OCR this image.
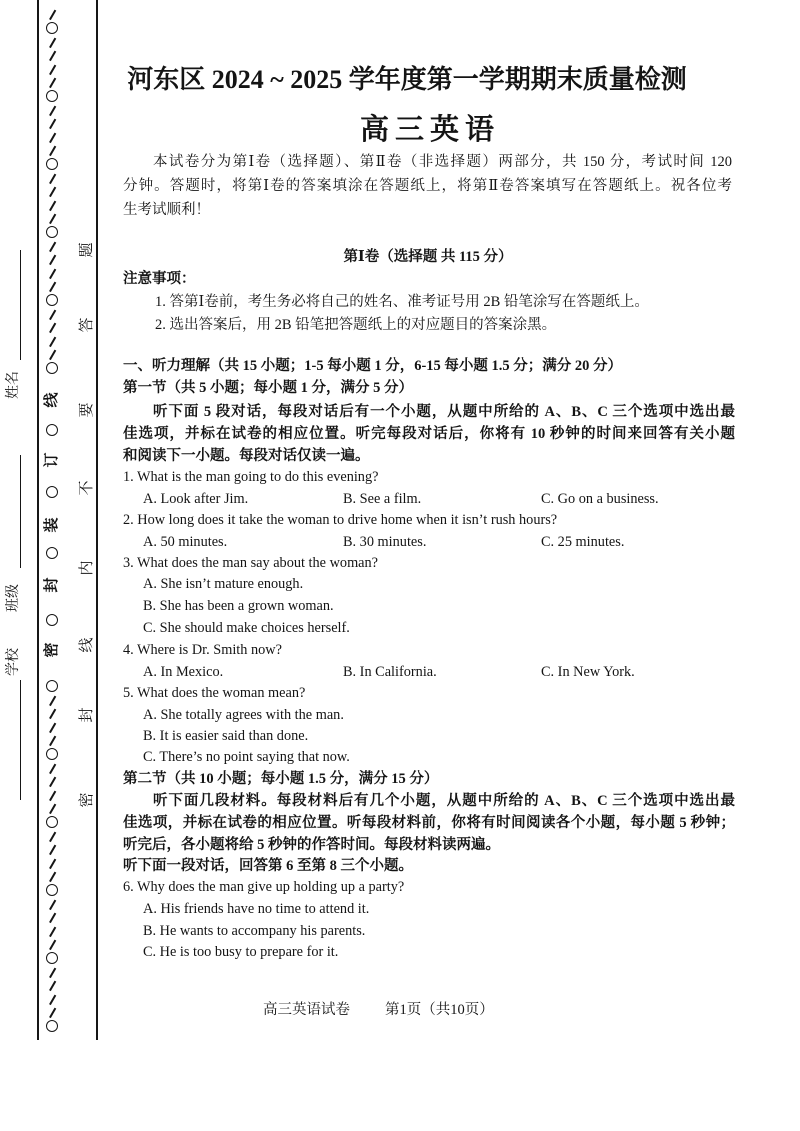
姓名
班级
学校
线
订
装
封
密
密
封
线
内
不
要
答
题
河东区 2024 ~ 2025 学年度第一学期期末质量检测
高三英语
本试卷分为第Ⅰ卷（选择题）、第Ⅱ卷（非选择题）两部分，共 150 分，考试时间 120
分钟。答题时，将第Ⅰ卷的答案填涂在答题纸上，将第Ⅱ卷答案填写在答题纸上。祝各位考
生考试顺利！
第Ⅰ卷（选择题 共 115 分）
注意事项：
1. 答第Ⅰ卷前，考生务必将自己的姓名、准考证号用 2B 铅笔涂写在答题纸上。
2. 选出答案后，用 2B 铅笔把答题纸上的对应题目的答案涂黑。
一、听力理解（共 15 小题；1-5 每小题 1 分，6-15 每小题 1.5 分；满分 20 分）
第一节（共 5 小题；每小题 1 分，满分 5 分）
听下面 5 段对话，每段对话后有一个小题，从题中所给的 A、B、C 三个选项中选出最
佳选项，并标在试卷的相应位置。听完每段对话后，你将有 10 秒钟的时间来回答有关小题
和阅读下一小题。每段对话仅读一遍。
1. What is the man going to do this evening?
A. Look after Jim.	B. See a film.	C. Go on a business.
2. How long does it take the woman to drive home when it isn’t rush hours?
A. 50 minutes.	B. 30 minutes.	C. 25 minutes.
3. What does the man say about the woman?
A. She isn’t mature enough.
B. She has been a grown woman.
C. She should make choices herself.
4. Where is Dr. Smith now?
A. In Mexico.	B. In California.	C. In New York.
5. What does the woman mean?
A. She totally agrees with the man.
B. It is easier said than done.
C. There’s no point saying that now.
第二节（共 10 小题；每小题 1.5 分，满分 15 分）
听下面几段材料。每段材料后有几个小题，从题中所给的 A、B、C 三个选项中选出最
佳选项，并标在试卷的相应位置。听每段材料前，你将有时间阅读各个小题，每小题 5 秒钟；
听完后，各小题将给 5 秒钟的作答时间。每段材料读两遍。
听下面一段对话，回答第 6 至第 8 三个小题。
6. Why does the man give up holding up a party?
A. His friends have no time to attend it.
B. He wants to accompany his parents.
C. He is too busy to prepare for it.
高三英语试卷 第1页（共10页）
